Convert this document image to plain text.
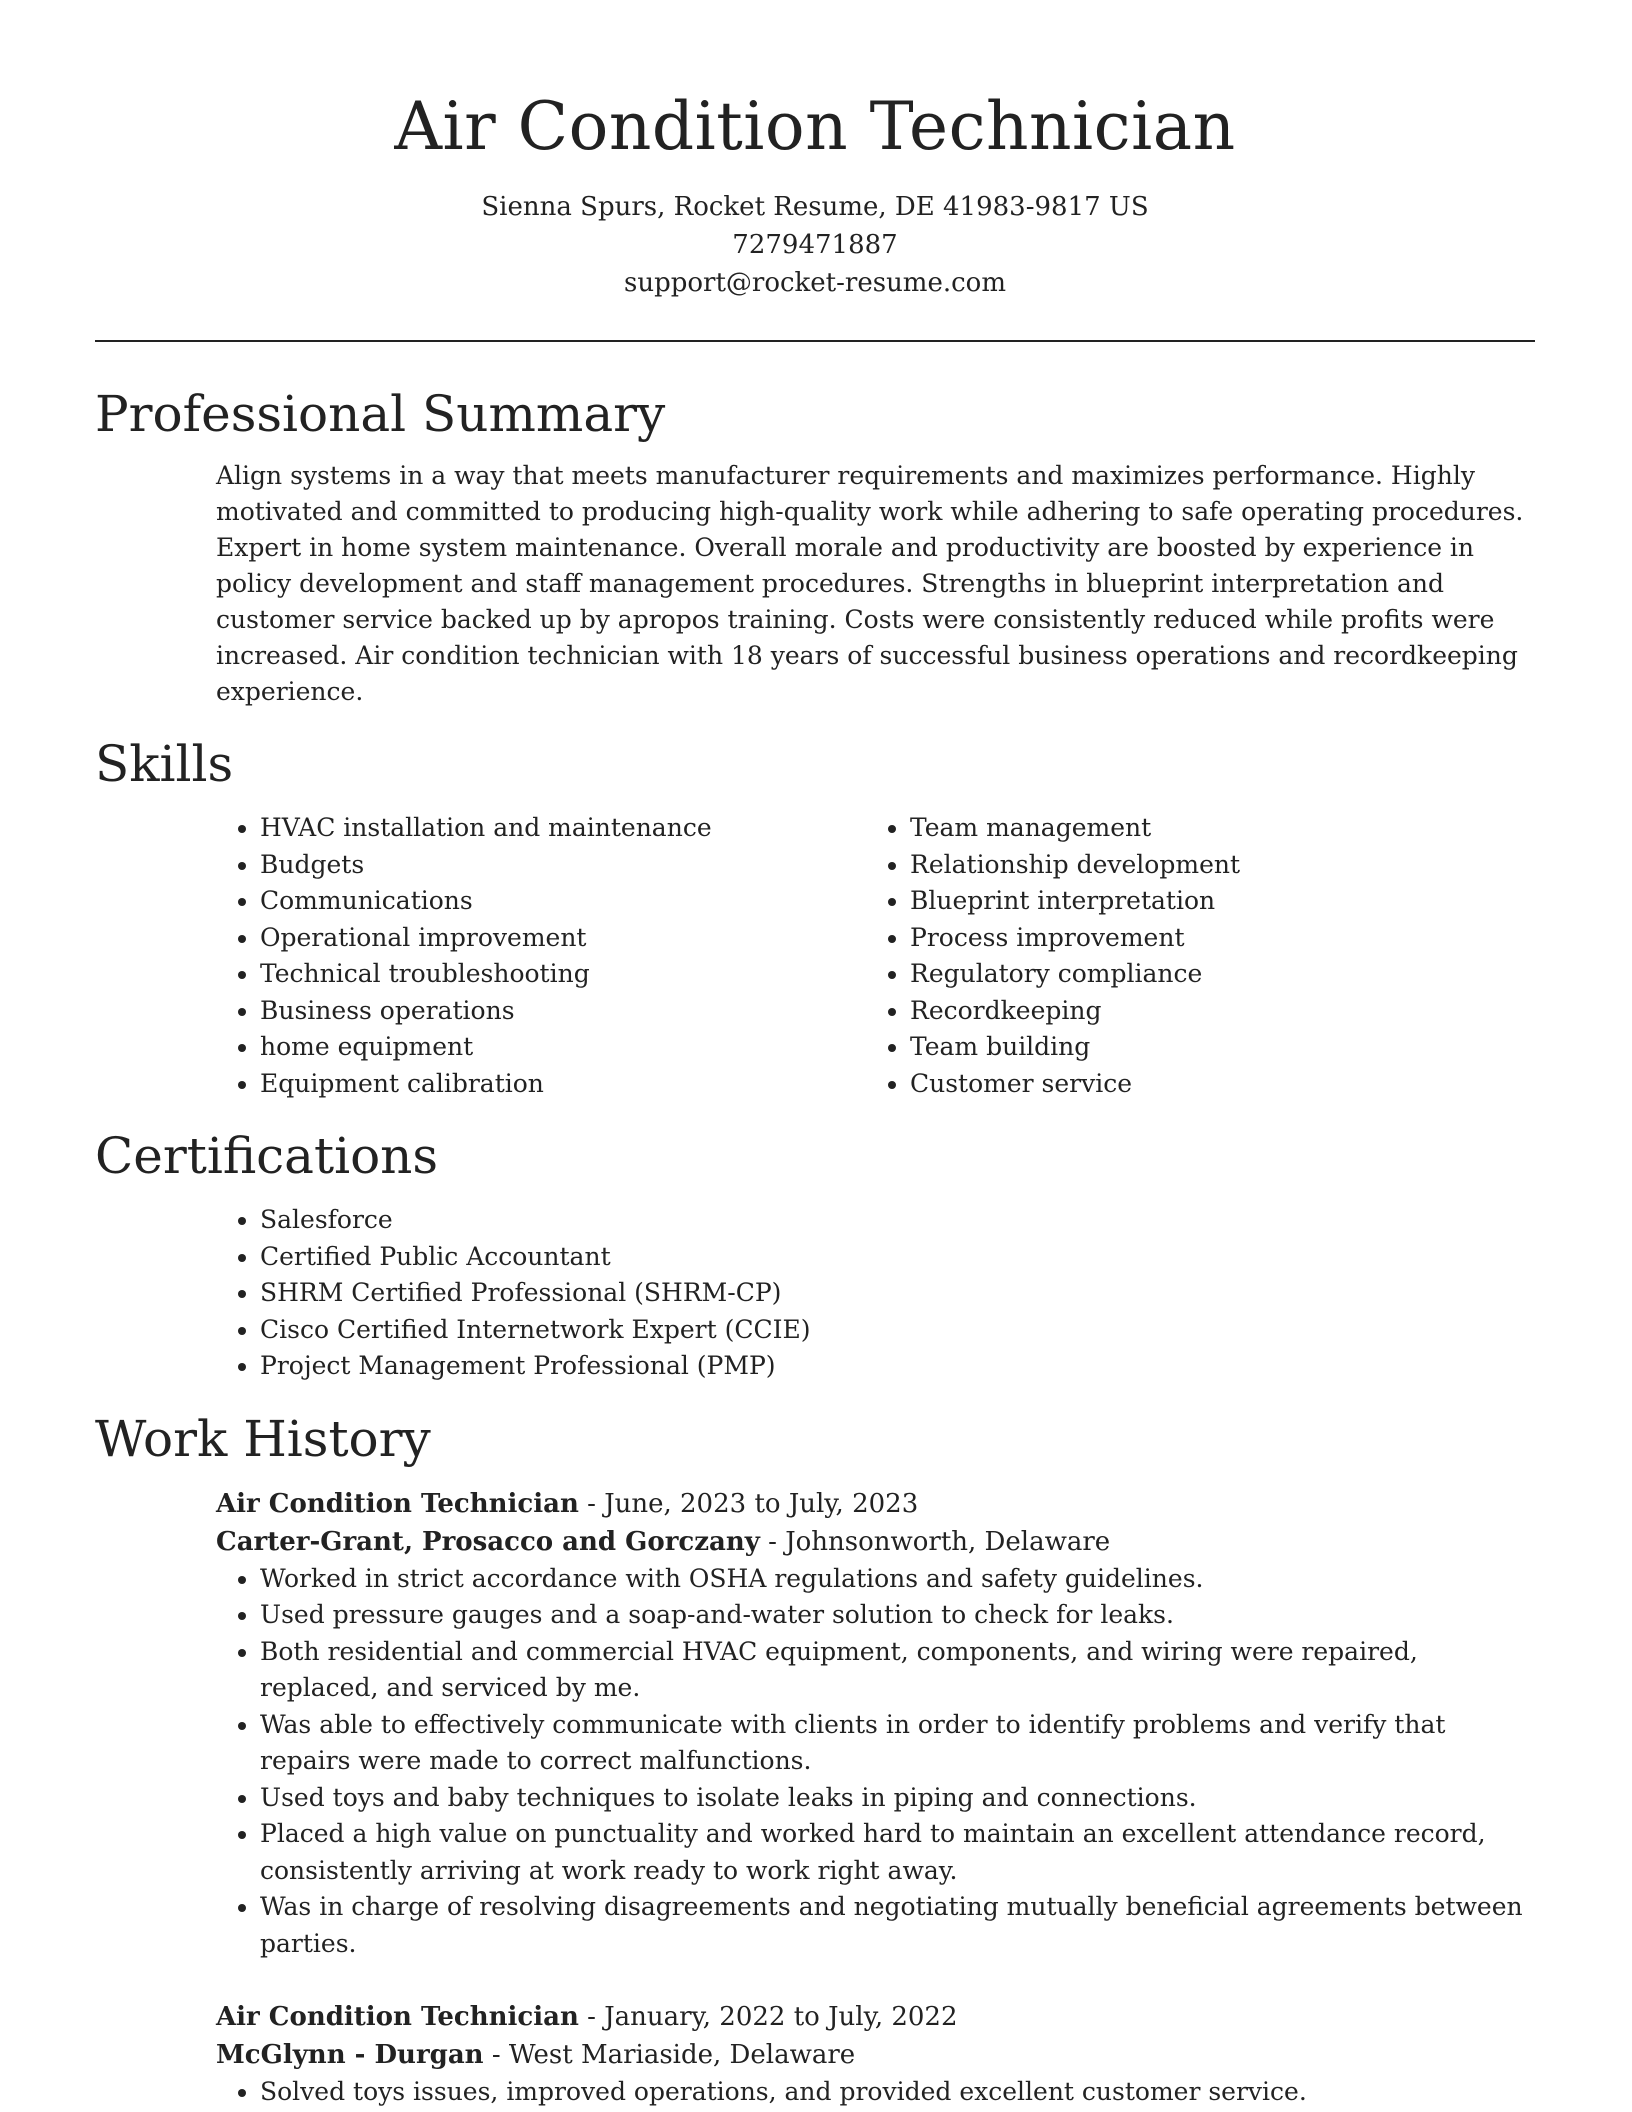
Air Condition Technician
Sienna Spurs, Rocket Resume, DE 41983-9817 US
7279471887
support@rocket-resume.com
Professional Summary
Align systems in a way that meets manufacturer requirements and maximizes performance. Highly motivated and committed to producing high-quality work while adhering to safe operating procedures. Expert in home system maintenance. Overall morale and productivity are boosted by experience in policy development and staff management procedures. Strengths in blueprint interpretation and customer service backed up by apropos training. Costs were consistently reduced while profits were increased. Air condition technician with 18 years of successful business operations and recordkeeping experience.
Skills
• HVAC installation and maintenance
• Budgets
• Communications
• Operational improvement
• Technical troubleshooting
• Business operations
• home equipment
• Equipment calibration
• Team management
• Relationship development
• Blueprint interpretation
• Process improvement
• Regulatory compliance
• Recordkeeping
• Team building
• Customer service
Certifications
• Salesforce
• Certified Public Accountant
• SHRM Certified Professional (SHRM-CP)
• Cisco Certified Internetwork Expert (CCIE)
• Project Management Professional (PMP)
Work History
Air Condition Technician - June, 2023 to July, 2023
Carter-Grant, Prosacco and Gorczany - Johnsonworth, Delaware
• Worked in strict accordance with OSHA regulations and safety guidelines.
• Used pressure gauges and a soap-and-water solution to check for leaks.
• Both residential and commercial HVAC equipment, components, and wiring were repaired, replaced, and serviced by me.
• Was able to effectively communicate with clients in order to identify problems and verify that repairs were made to correct malfunctions.
• Used toys and baby techniques to isolate leaks in piping and connections.
• Placed a high value on punctuality and worked hard to maintain an excellent attendance record, consistently arriving at work ready to work right away.
• Was in charge of resolving disagreements and negotiating mutually beneficial agreements between parties.
Air Condition Technician - January, 2022 to July, 2022
McGlynn - Durgan - West Mariaside, Delaware
• Solved toys issues, improved operations, and provided excellent customer service.
